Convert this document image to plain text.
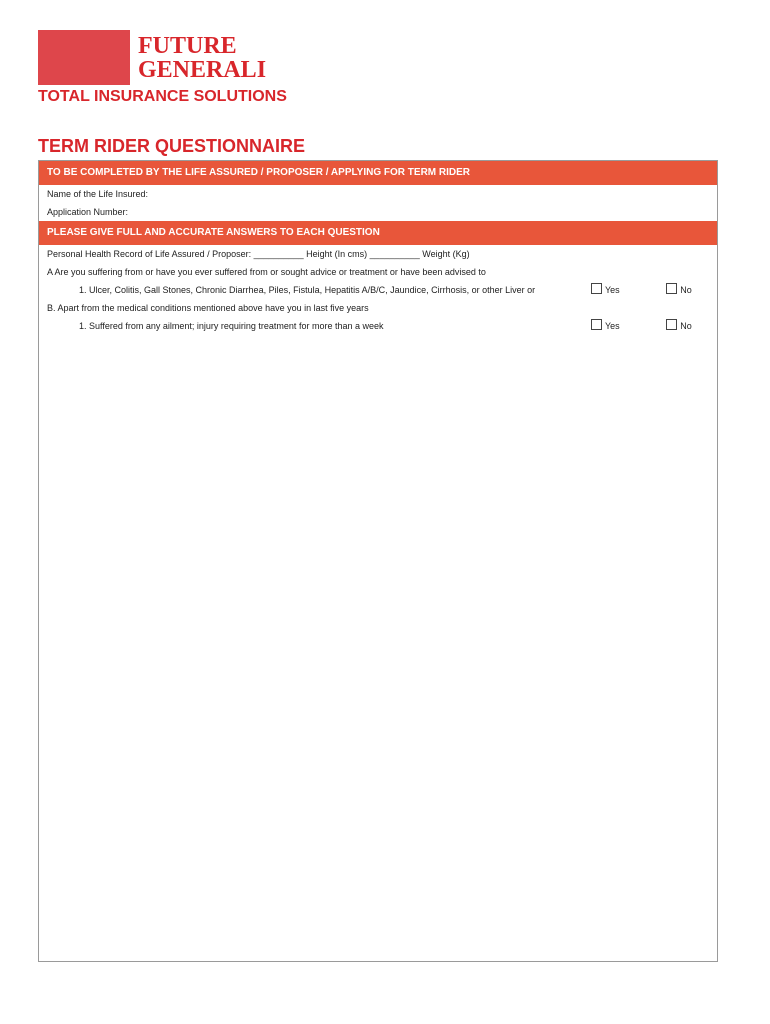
FUTURE GENERALI
TOTAL INSURANCE SOLUTIONS
TERM RIDER QUESTIONNAIRE
TO BE COMPLETED BY THE LIFE ASSURED / PROPOSER / APPLYING FOR TERM RIDER
Name of the Life Insured:
Application Number:
PLEASE GIVE FULL AND ACCURATE ANSWERS TO EACH QUESTION
Personal Health Record of Life Assured / Proposer: __________ Height (In cms) __________ Weight (Kg)
A Are you suffering from or have you ever suffered from or sought advice or treatment or have been advised to
1. Ulcer, Colitis, Gall Stones, Chronic Diarrhea, Piles, Fistula, Hepatitis A/B/C, Jaundice, Cirrhosis, or other Liver or	Yes	No
B. Apart from the medical conditions mentioned above have you in last five years
1. Suffered from any ailment; injury requiring treatment for more than a week	Yes	No
